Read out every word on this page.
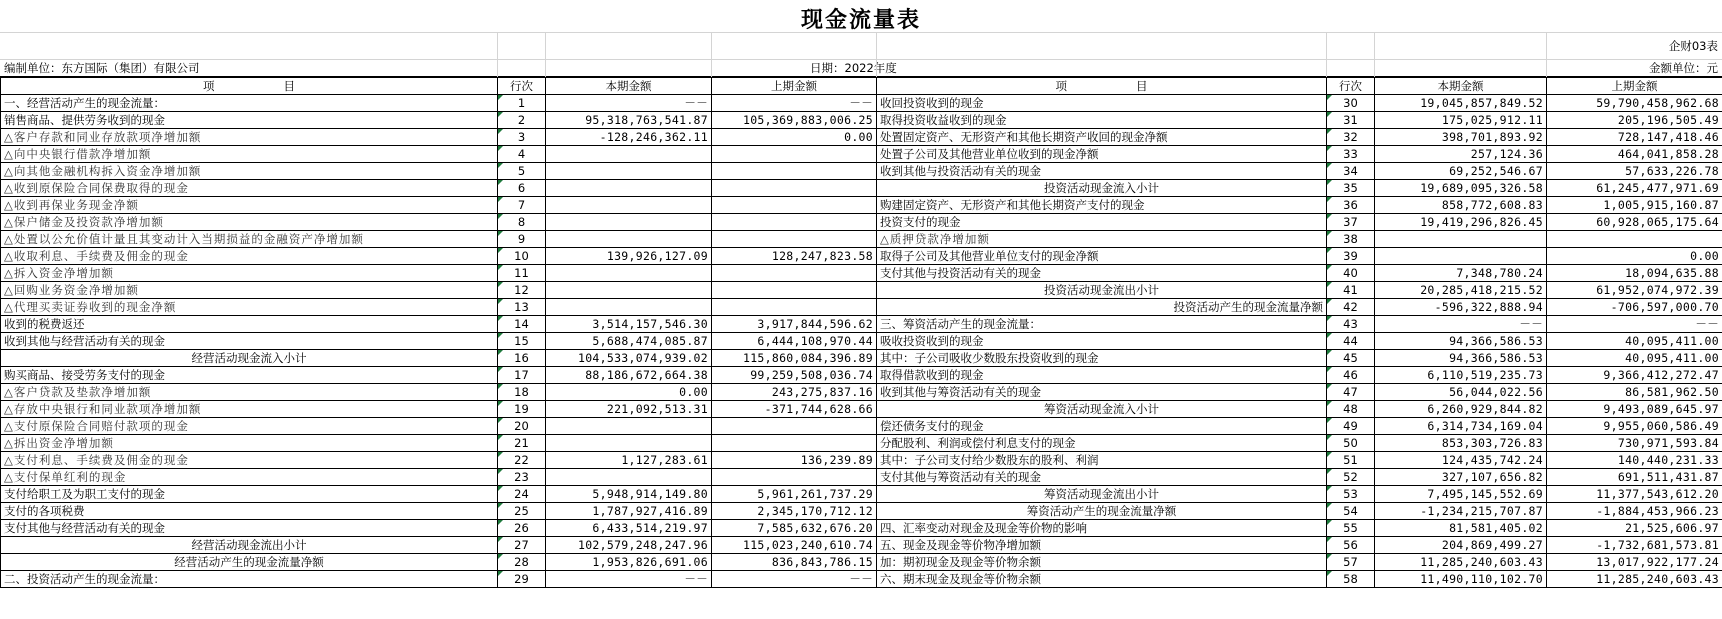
现金流量表
企财03表
编制单位：东方国际（集团）有限公司	日期：2022年度	金额单位：元
项　　　　　　目	行次	本期金额	上期金额	项　　　　　　目	行次	本期金额	上期金额
一、经营活动产生的现金流量：	1	－－	－－	收回投资收到的现金	30	19,045,857,849.52	59,790,458,962.68
销售商品、提供劳务收到的现金	2	95,318,763,541.87	105,369,883,006.25	取得投资收益收到的现金	31	175,025,912.11	205,196,505.49
△客户存款和同业存放款项净增加额	3	-128,246,362.11	0.00	处置固定资产、无形资产和其他长期资产收回的现金净额	32	398,701,893.92	728,147,418.46
△向中央银行借款净增加额	4			处置子公司及其他营业单位收到的现金净额	33	257,124.36	464,041,858.28
△向其他金融机构拆入资金净增加额	5			收到其他与投资活动有关的现金	34	69,252,546.67	57,633,226.78
△收到原保险合同保费取得的现金	6			投资活动现金流入小计	35	19,689,095,326.58	61,245,477,971.69
△收到再保业务现金净额	7			购建固定资产、无形资产和其他长期资产支付的现金	36	858,772,608.83	1,005,915,160.87
△保户储金及投资款净增加额	8			投资支付的现金	37	19,419,296,826.45	60,928,065,175.64
△处置以公允价值计量且其变动计入当期损益的金融资产净增加额	9			△质押贷款净增加额	38		
△收取利息、手续费及佣金的现金	10	139,926,127.09	128,247,823.58	取得子公司及其他营业单位支付的现金净额	39		0.00
△拆入资金净增加额	11			支付其他与投资活动有关的现金	40	7,348,780.24	18,094,635.88
△回购业务资金净增加额	12			投资活动现金流出小计	41	20,285,418,215.52	61,952,074,972.39
△代理买卖证券收到的现金净额	13			投资活动产生的现金流量净额	42	-596,322,888.94	-706,597,000.70
收到的税费返还	14	3,514,157,546.30	3,917,844,596.62	三、筹资活动产生的现金流量：	43	－－	－－
收到其他与经营活动有关的现金	15	5,688,474,085.87	6,444,108,970.44	吸收投资收到的现金	44	94,366,586.53	40,095,411.00
经营活动现金流入小计	16	104,533,074,939.02	115,860,084,396.89	其中：子公司吸收少数股东投资收到的现金	45	94,366,586.53	40,095,411.00
购买商品、接受劳务支付的现金	17	88,186,672,664.38	99,259,508,036.74	取得借款收到的现金	46	6,110,519,235.73	9,366,412,272.47
△客户贷款及垫款净增加额	18	0.00	243,275,837.16	收到其他与筹资活动有关的现金	47	56,044,022.56	86,581,962.50
△存放中央银行和同业款项净增加额	19	221,092,513.31	-371,744,628.66	筹资活动现金流入小计	48	6,260,929,844.82	9,493,089,645.97
△支付原保险合同赔付款项的现金	20			偿还债务支付的现金	49	6,314,734,169.04	9,955,060,586.49
△拆出资金净增加额	21			分配股利、利润或偿付利息支付的现金	50	853,303,726.83	730,971,593.84
△支付利息、手续费及佣金的现金	22	1,127,283.61	136,239.89	其中：子公司支付给少数股东的股利、利润	51	124,435,742.24	140,440,231.33
△支付保单红利的现金	23			支付其他与筹资活动有关的现金	52	327,107,656.82	691,511,431.87
支付给职工及为职工支付的现金	24	5,948,914,149.80	5,961,261,737.29	筹资活动现金流出小计	53	7,495,145,552.69	11,377,543,612.20
支付的各项税费	25	1,787,927,416.89	2,345,170,712.12	筹资活动产生的现金流量净额	54	-1,234,215,707.87	-1,884,453,966.23
支付其他与经营活动有关的现金	26	6,433,514,219.97	7,585,632,676.20	四、汇率变动对现金及现金等价物的影响	55	81,581,405.02	21,525,606.97
经营活动现金流出小计	27	102,579,248,247.96	115,023,240,610.74	五、现金及现金等价物净增加额	56	204,869,499.27	-1,732,681,573.81
经营活动产生的现金流量净额	28	1,953,826,691.06	836,843,786.15	加：期初现金及现金等价物余额	57	11,285,240,603.43	13,017,922,177.24
二、投资活动产生的现金流量：	29	－－	－－	六、期末现金及现金等价物余额	58	11,490,110,102.70	11,285,240,603.43
